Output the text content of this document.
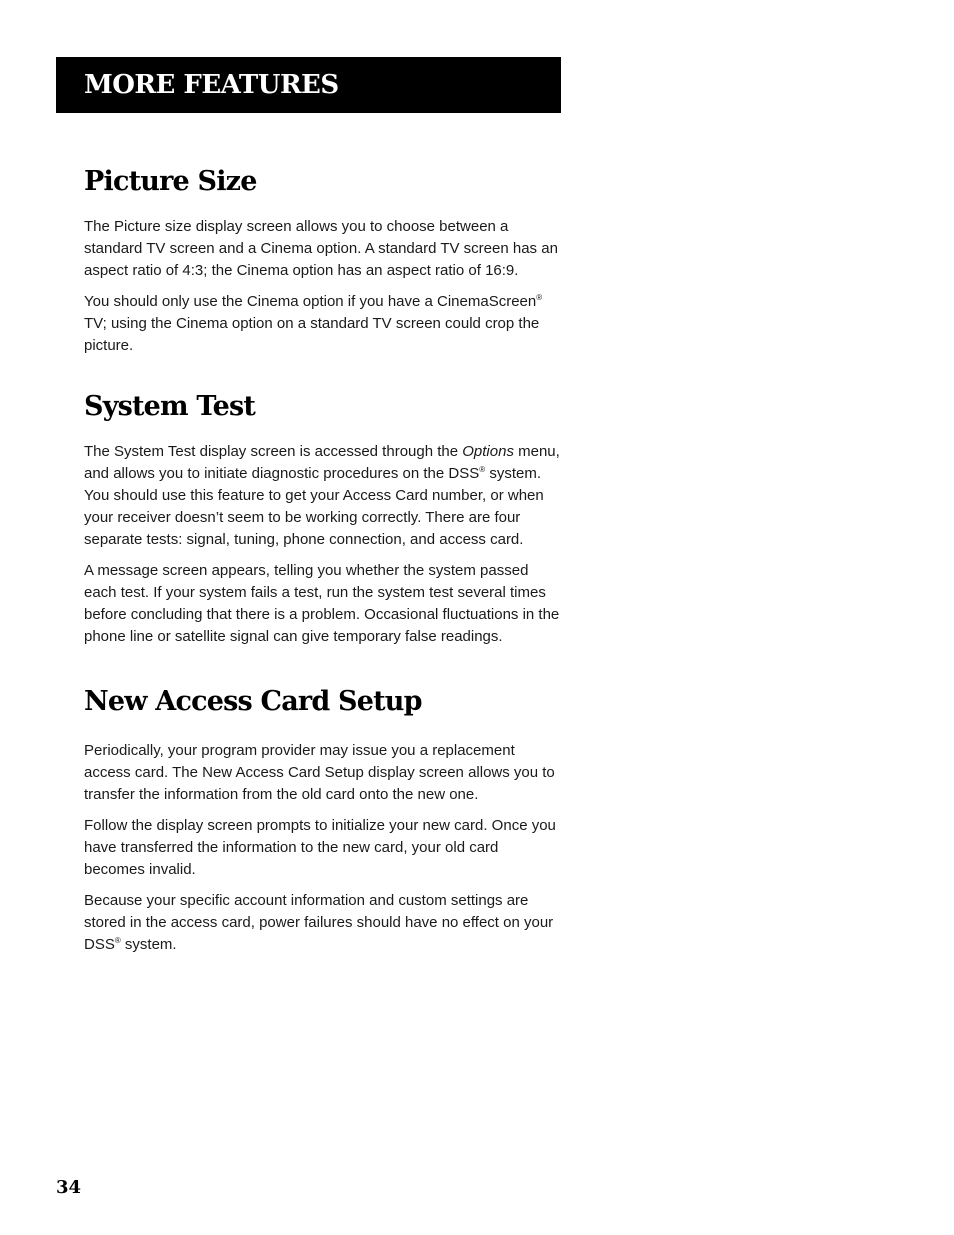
MORE FEATURES
Picture Size

The Picture size display screen allows you to choose between a standard TV screen and a Cinema option. A standard TV screen has an aspect ratio of 4:3; the Cinema option has an aspect ratio of 16:9.

You should only use the Cinema option if you have a CinemaScreen® TV; using the Cinema option on a standard TV screen could crop the picture.

System Test

The System Test display screen is accessed through the Options menu, and allows you to initiate diagnostic procedures on the DSS® system. You should use this feature to get your Access Card number, or when your receiver doesn’t seem to be working correctly. There are four separate tests: signal, tuning, phone connection, and access card.

A message screen appears, telling you whether the system passed each test. If your system fails a test, run the system test several times before concluding that there is a problem. Occasional fluctuations in the phone line or satellite signal can give temporary false readings.

New Access Card Setup

Periodically, your program provider may issue you a replacement access card. The New Access Card Setup display screen allows you to transfer the information from the old card onto the new one.

Follow the display screen prompts to initialize your new card. Once you have transferred the information to the new card, your old card becomes invalid.

Because your specific account information and custom settings are stored in the access card, power failures should have no effect on your DSS® system.

34
